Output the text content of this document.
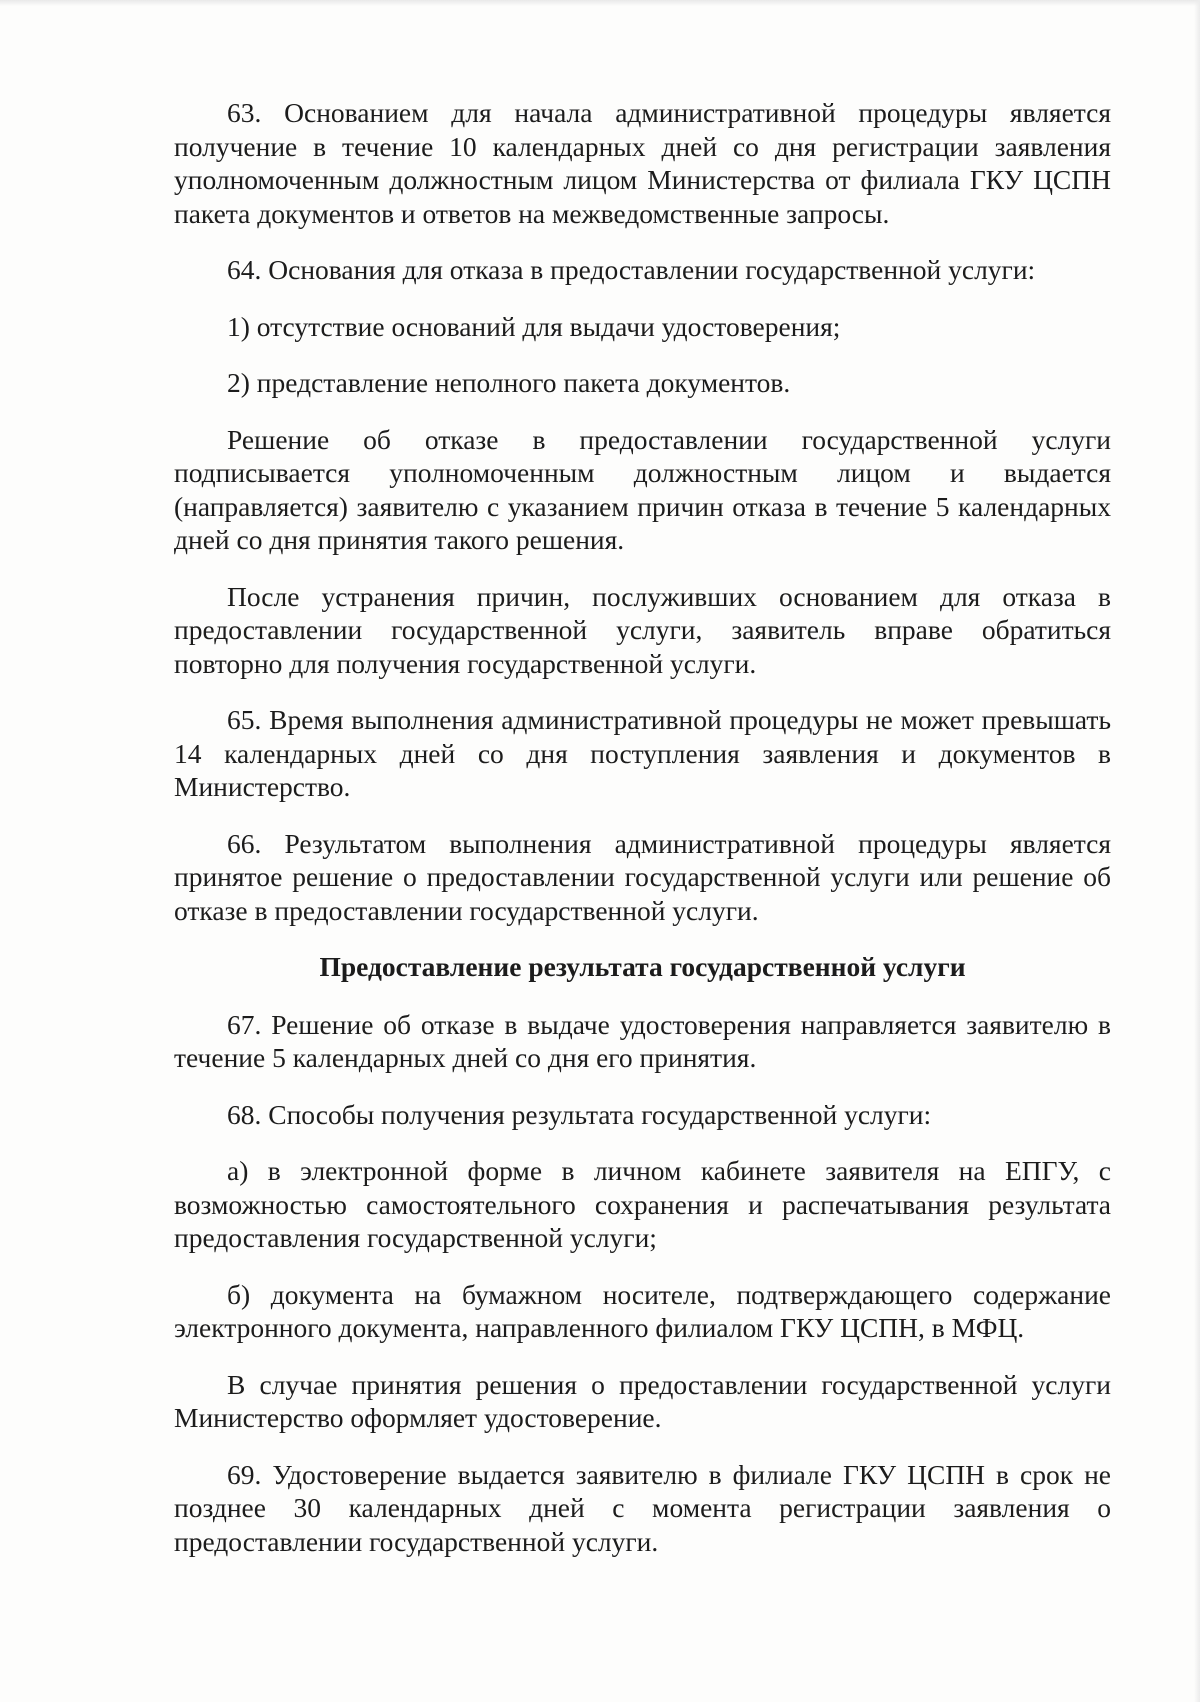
63. Основанием для начала административной процедуры является получение в течение 10 календарных дней со дня регистрации заявления уполномоченным должностным лицом Министерства от филиала ГКУ ЦСПН пакета документов и ответов на межведомственные запросы.

64. Основания для отказа в предоставлении государственной услуги:

1) отсутствие оснований для выдачи удостоверения;

2) представление неполного пакета документов.

Решение об отказе в предоставлении государственной услуги подписывается уполномоченным должностным лицом и выдается (направляется) заявителю с указанием причин отказа в течение 5 календарных дней со дня принятия такого решения.

После устранения причин, послуживших основанием для отказа в предоставлении государственной услуги, заявитель вправе обратиться повторно для получения государственной услуги.

65. Время выполнения административной процедуры не может превышать 14 календарных дней со дня поступления заявления и документов в Министерство.

66. Результатом выполнения административной процедуры является принятое решение о предоставлении государственной услуги или решение об отказе в предоставлении государственной услуги.

Предоставление результата государственной услуги

67. Решение об отказе в выдаче удостоверения направляется заявителю в течение 5 календарных дней со дня его принятия.

68. Способы получения результата государственной услуги:

а) в электронной форме в личном кабинете заявителя на ЕПГУ, с возможностью самостоятельного сохранения и распечатывания результата предоставления государственной услуги;

б) документа на бумажном носителе, подтверждающего содержание электронного документа, направленного филиалом ГКУ ЦСПН, в МФЦ.

В случае принятия решения о предоставлении государственной услуги Министерство оформляет удостоверение.

69. Удостоверение выдается заявителю в филиале ГКУ ЦСПН в срок не позднее 30 календарных дней с момента регистрации заявления о предоставлении государственной услуги.
